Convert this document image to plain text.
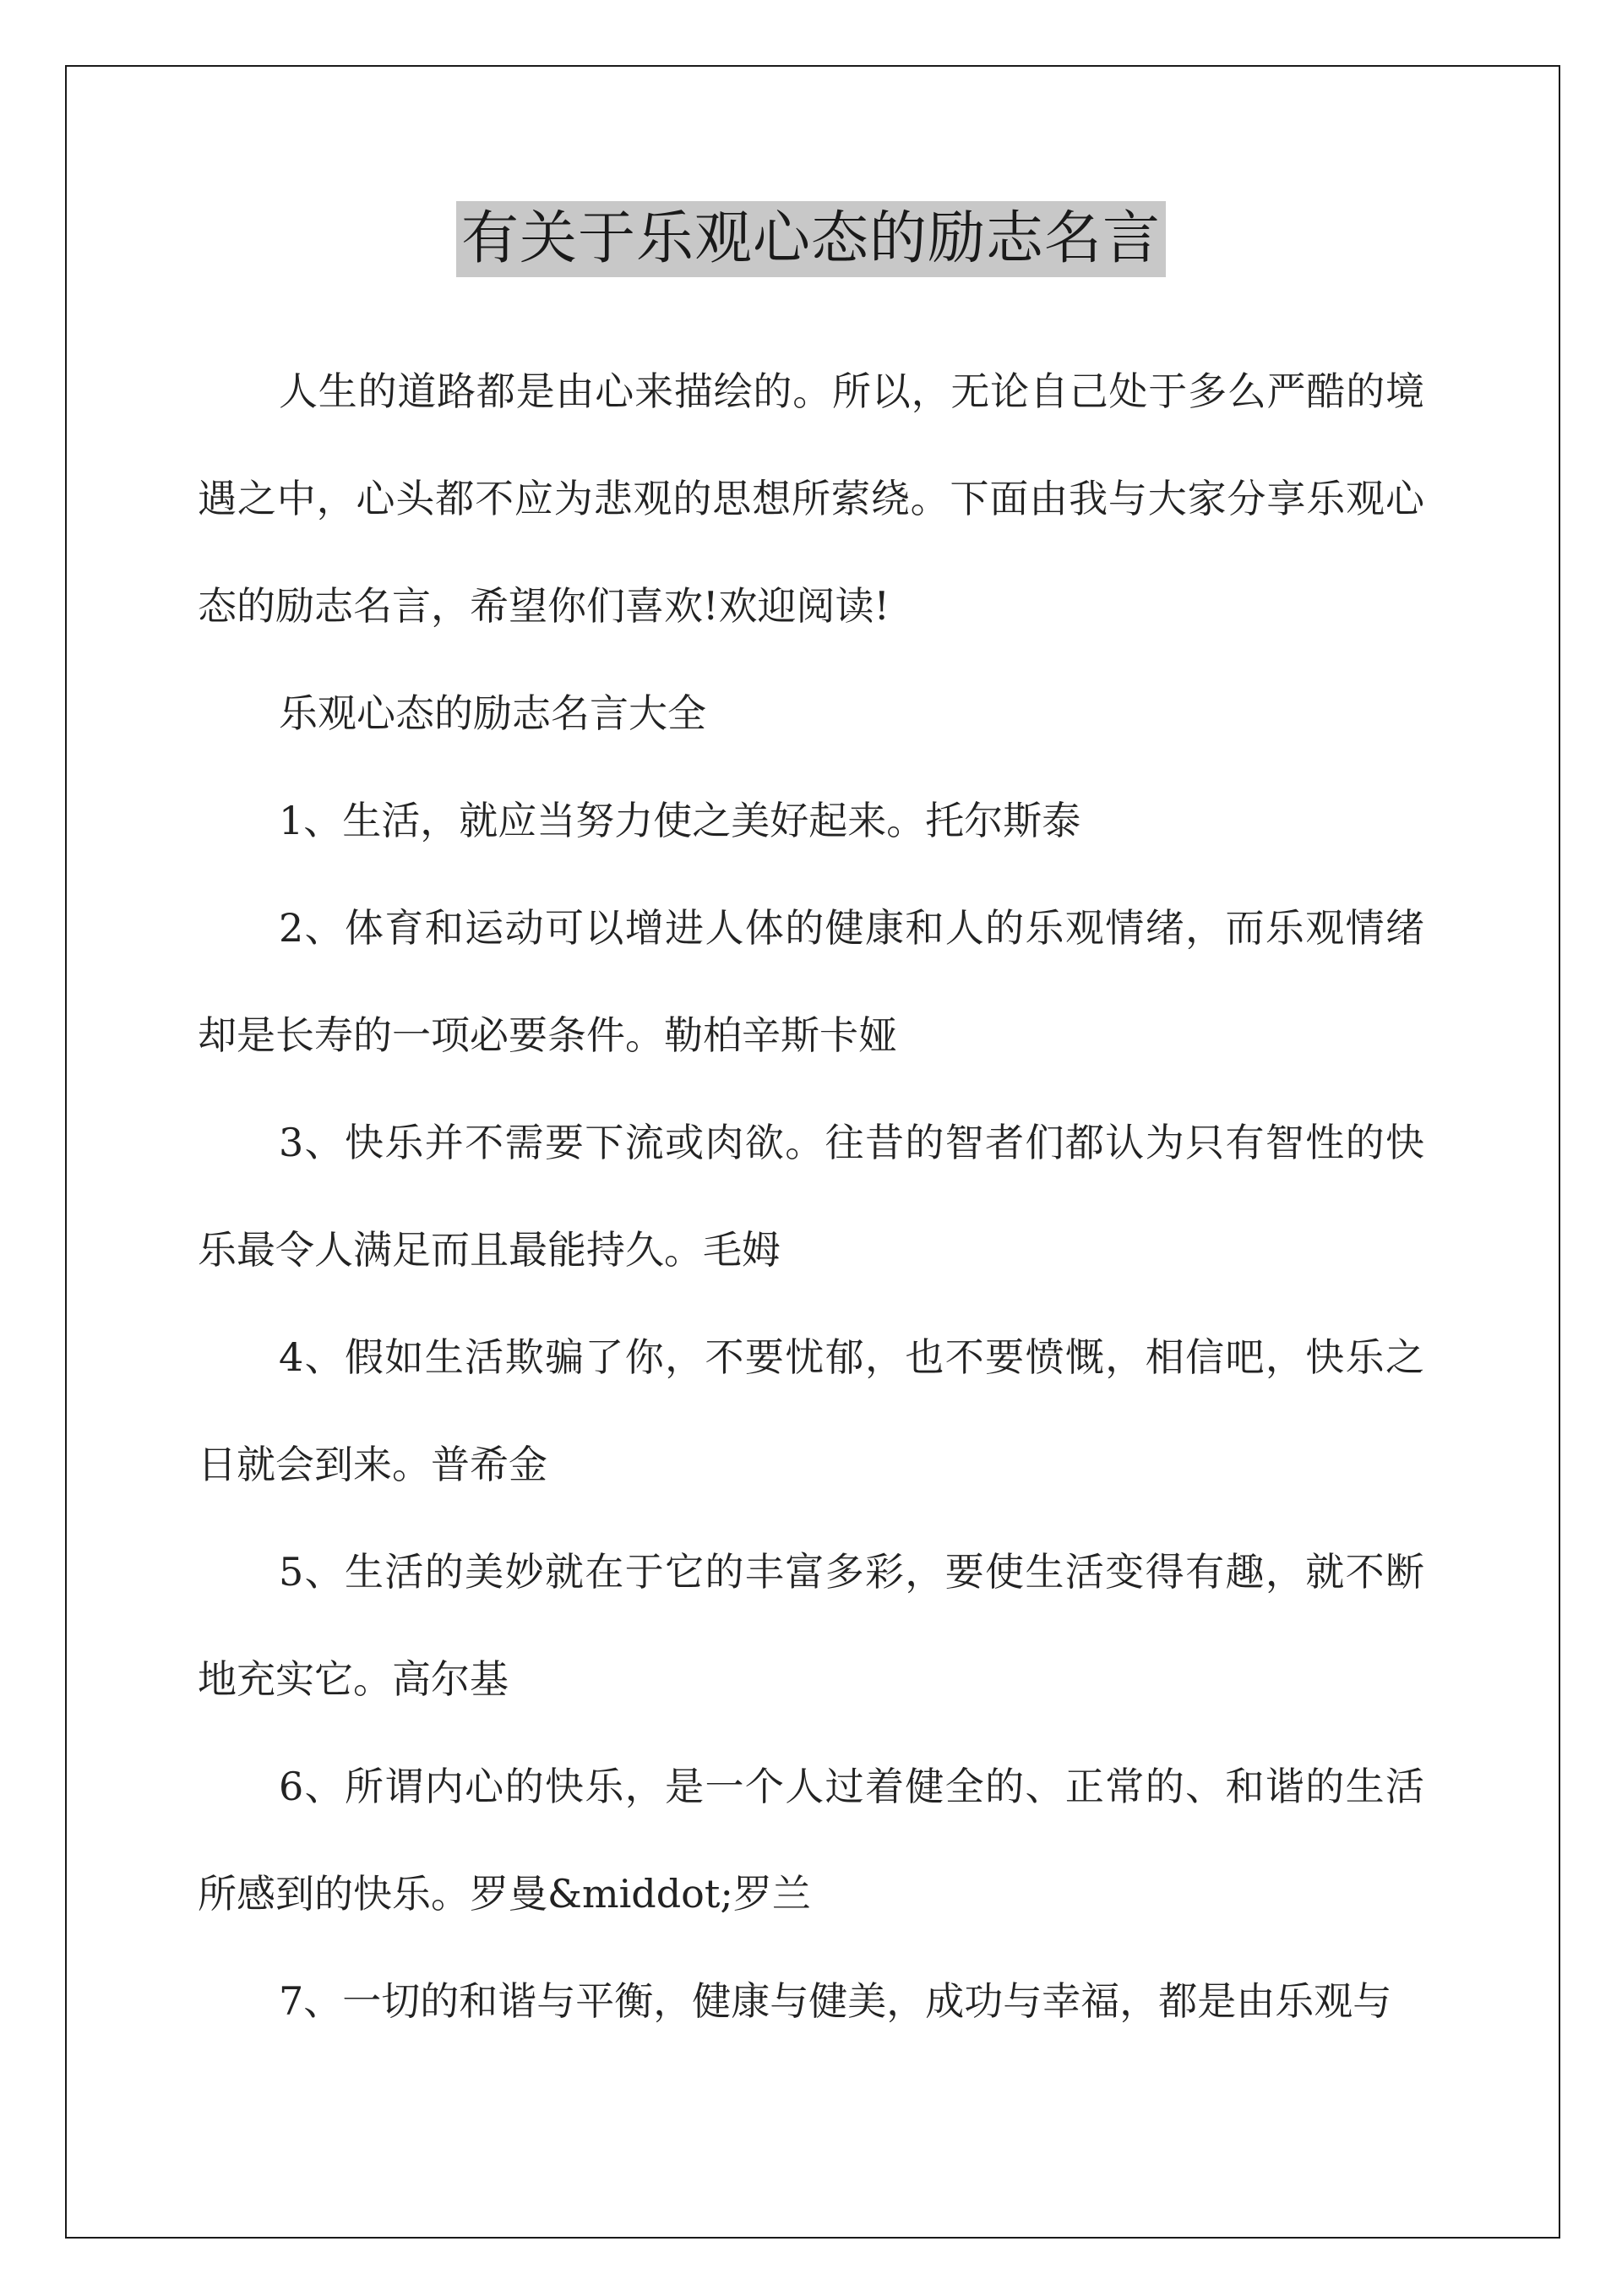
有关于乐观心态的励志名言

人生的道路都是由心来描绘的。所以，无论自己处于多么严酷的境遇之中，心头都不应为悲观的思想所萦绕。下面由我与大家分享乐观心态的励志名言，希望你们喜欢!欢迎阅读!

乐观心态的励志名言大全

1、生活，就应当努力使之美好起来。托尔斯泰

2、体育和运动可以增进人体的健康和人的乐观情绪，而乐观情绪却是长寿的一项必要条件。勒柏辛斯卡娅

3、快乐并不需要下流或肉欲。往昔的智者们都认为只有智性的快乐最令人满足而且最能持久。毛姆

4、假如生活欺骗了你，不要忧郁，也不要愤慨，相信吧，快乐之日就会到来。普希金

5、生活的美妙就在于它的丰富多彩，要使生活变得有趣，就不断地充实它。高尔基

6、所谓内心的快乐，是一个人过着健全的、正常的、和谐的生活所感到的快乐。罗曼&middot;罗兰

7、一切的和谐与平衡，健康与健美，成功与幸福，都是由乐观与
